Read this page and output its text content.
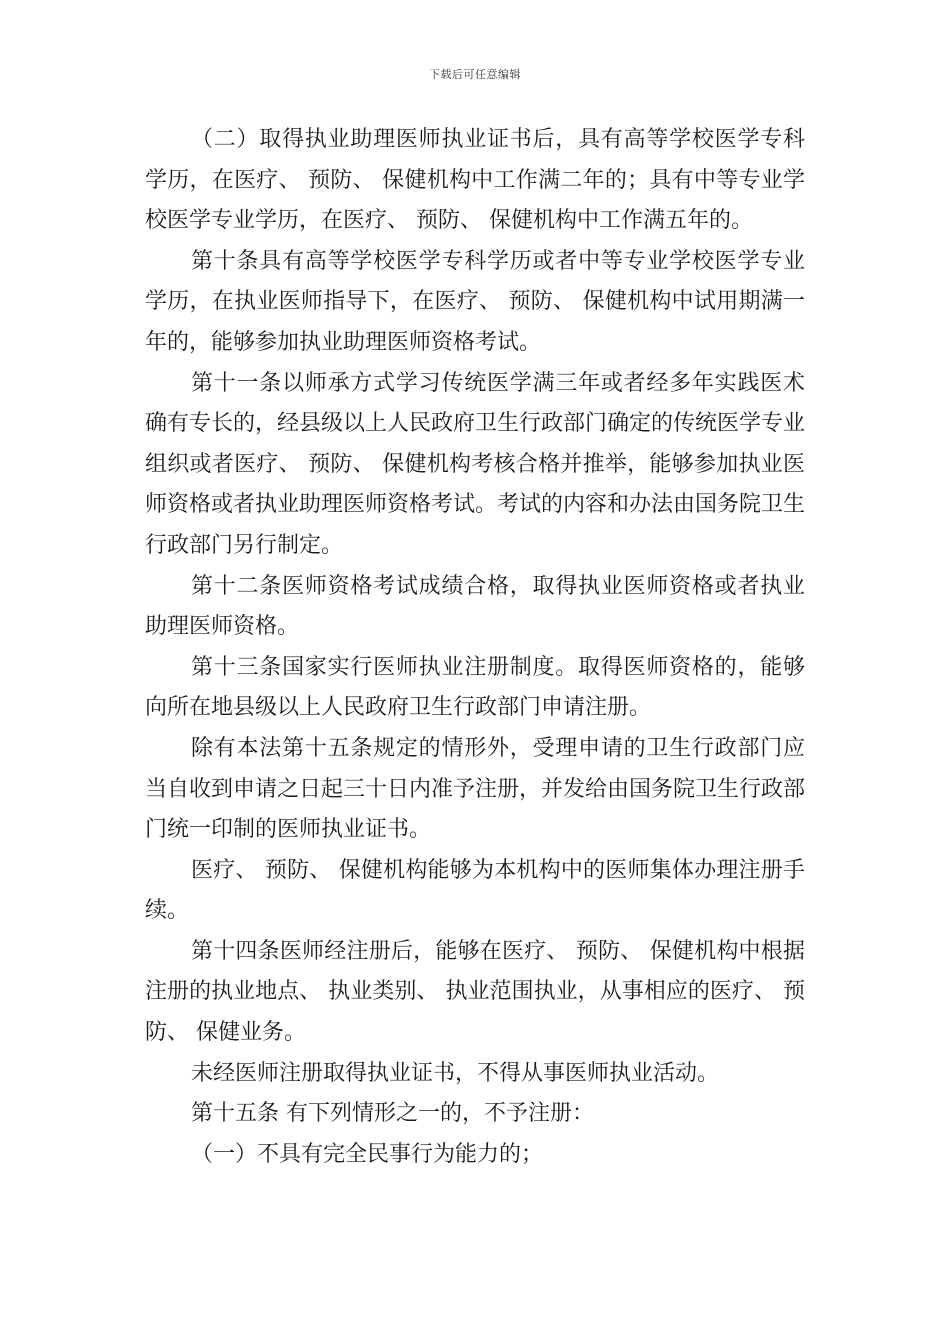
下载后可任意编辑

（二）取得执业助理医师执业证书后，具有高等学校医学专科学历，在医疗、 预防、 保健机构中工作满二年的；具有中等专业学校医学专业学历，在医疗、 预防、 保健机构中工作满五年的。

第十条具有高等学校医学专科学历或者中等专业学校医学专业学历，在执业医师指导下，在医疗、 预防、 保健机构中试用期满一年的，能够参加执业助理医师资格考试。

第十一条以师承方式学习传统医学满三年或者经多年实践医术确有专长的，经县级以上人民政府卫生行政部门确定的传统医学专业组织或者医疗、 预防、 保健机构考核合格并推举，能够参加执业医师资格或者执业助理医师资格考试。考试的内容和办法由国务院卫生行政部门另行制定。

第十二条医师资格考试成绩合格，取得执业医师资格或者执业助理医师资格。

第十三条国家实行医师执业注册制度。取得医师资格的，能够向所在地县级以上人民政府卫生行政部门申请注册。

除有本法第十五条规定的情形外，受理申请的卫生行政部门应当自收到申请之日起三十日内准予注册，并发给由国务院卫生行政部门统一印制的医师执业证书。

医疗、 预防、 保健机构能够为本机构中的医师集体办理注册手续。

第十四条医师经注册后，能够在医疗、 预防、 保健机构中根据注册的执业地点、 执业类别、 执业范围执业，从事相应的医疗、 预防、 保健业务。

未经医师注册取得执业证书，不得从事医师执业活动。

第十五条 有下列情形之一的，不予注册：

（一）不具有完全民事行为能力的；
